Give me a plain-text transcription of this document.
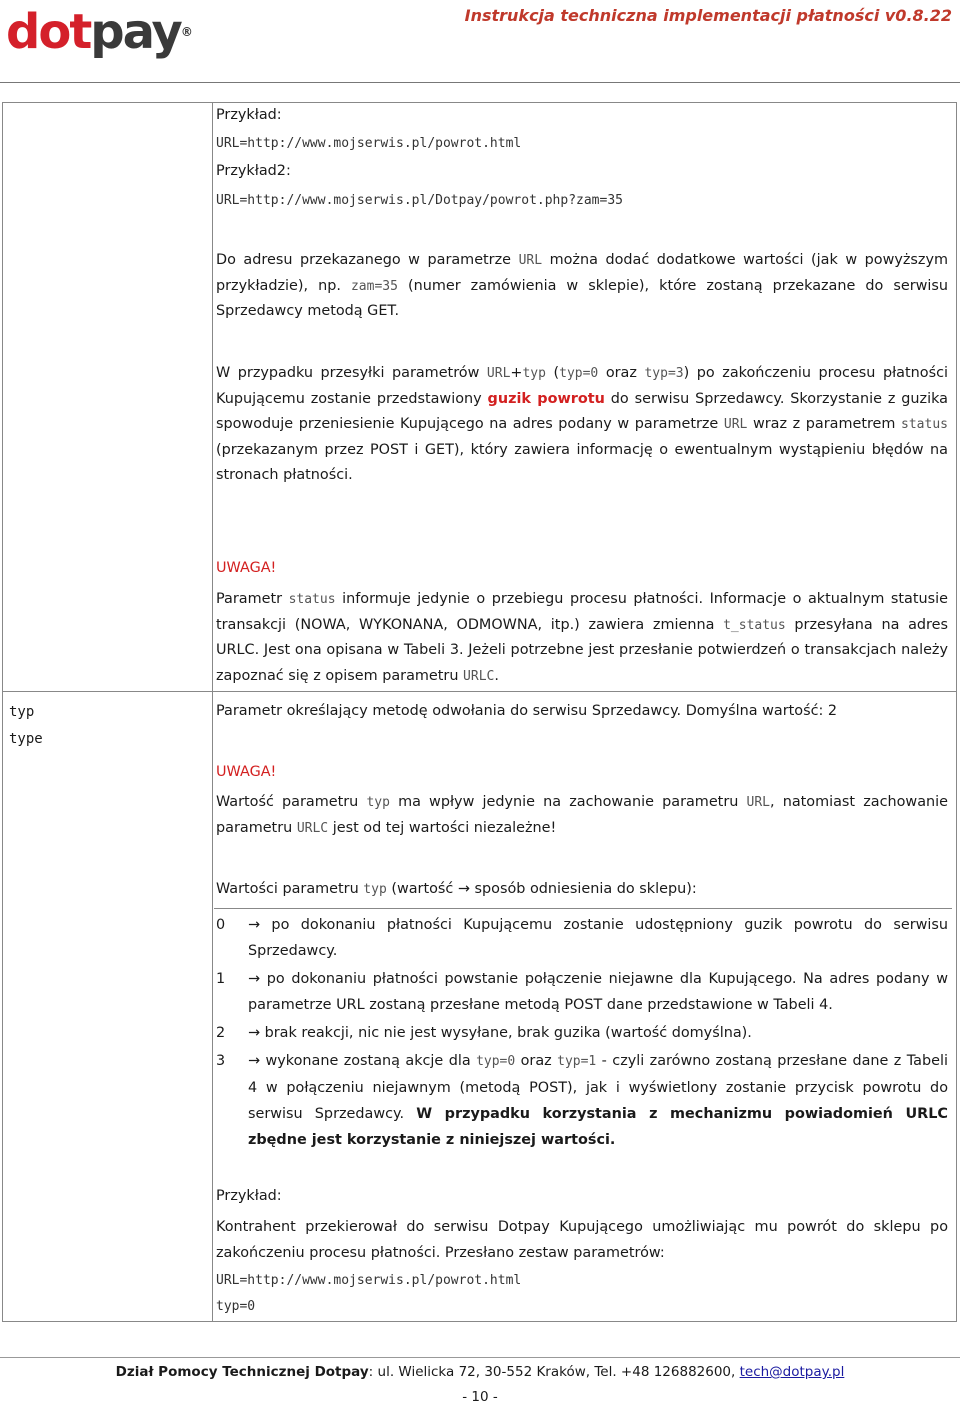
dotpay®
Instrukcja techniczna implementacji płatności v0.8.22
typ
type
Przykład:
URL=http://www.mojserwis.pl/powrot.html
Przykład2:
URL=http://www.mojserwis.pl/Dotpay/powrot.php?zam=35
Do adresu przekazanego w parametrze URL można dodać dodatkowe wartości (jak w powyższym przykładzie), np. zam=35 (numer zamówienia w sklepie), które zostaną przekazane do serwisu Sprzedawcy metodą GET.
W przypadku przesyłki parametrów URL+typ (typ=0 oraz typ=3) po zakończeniu procesu płatności Kupującemu zostanie przedstawiony guzik powrotu do serwisu Sprzedawcy. Skorzystanie z guzika spowoduje przeniesienie Kupującego na adres podany w parametrze URL wraz z parametrem status (przekazanym przez POST i GET), który zawiera informację o ewentualnym wystąpieniu błędów na stronach płatności.
UWAGA!
Parametr status informuje jedynie o przebiegu procesu płatności. Informacje o aktualnym statusie transakcji (NOWA, WYKONANA, ODMOWNA, itp.) zawiera zmienna t_status przesyłana na adres URLC. Jest ona opisana w Tabeli 3. Jeżeli potrzebne jest przesłanie potwierdzeń o transakcjach należy zapoznać się z opisem parametru URLC.
Parametr określający metodę odwołania do serwisu Sprzedawcy. Domyślna wartość: 2
UWAGA!
Wartość parametru typ ma wpływ jedynie na zachowanie parametru URL, natomiast zachowanie parametru URLC jest od tej wartości niezależne!
Wartości parametru typ (wartość → sposób odniesienia do sklepu):
0 → po dokonaniu płatności Kupującemu zostanie udostępniony guzik powrotu do serwisu Sprzedawcy.
1 → po dokonaniu płatności powstanie połączenie niejawne dla Kupującego. Na adres podany w parametrze URL zostaną przesłane metodą POST dane przedstawione w Tabeli 4.
2 → brak reakcji, nic nie jest wysyłane, brak guzika (wartość domyślna).
3 → wykonane zostaną akcje dla typ=0 oraz typ=1 - czyli zarówno zostaną przesłane dane z Tabeli 4 w połączeniu niejawnym (metodą POST), jak i wyświetlony zostanie przycisk powrotu do serwisu Sprzedawcy. W przypadku korzystania z mechanizmu powiadomień URLC zbędne jest korzystanie z niniejszej wartości.
Przykład:
Kontrahent przekierował do serwisu Dotpay Kupującego umożliwiając mu powrót do sklepu po zakończeniu procesu płatności. Przesłano zestaw parametrów:
URL=http://www.mojserwis.pl/powrot.html
typ=0
Dział Pomocy Technicznej Dotpay: ul. Wielicka 72, 30-552 Kraków, Tel. +48 126882600, tech@dotpay.pl
- 10 -
